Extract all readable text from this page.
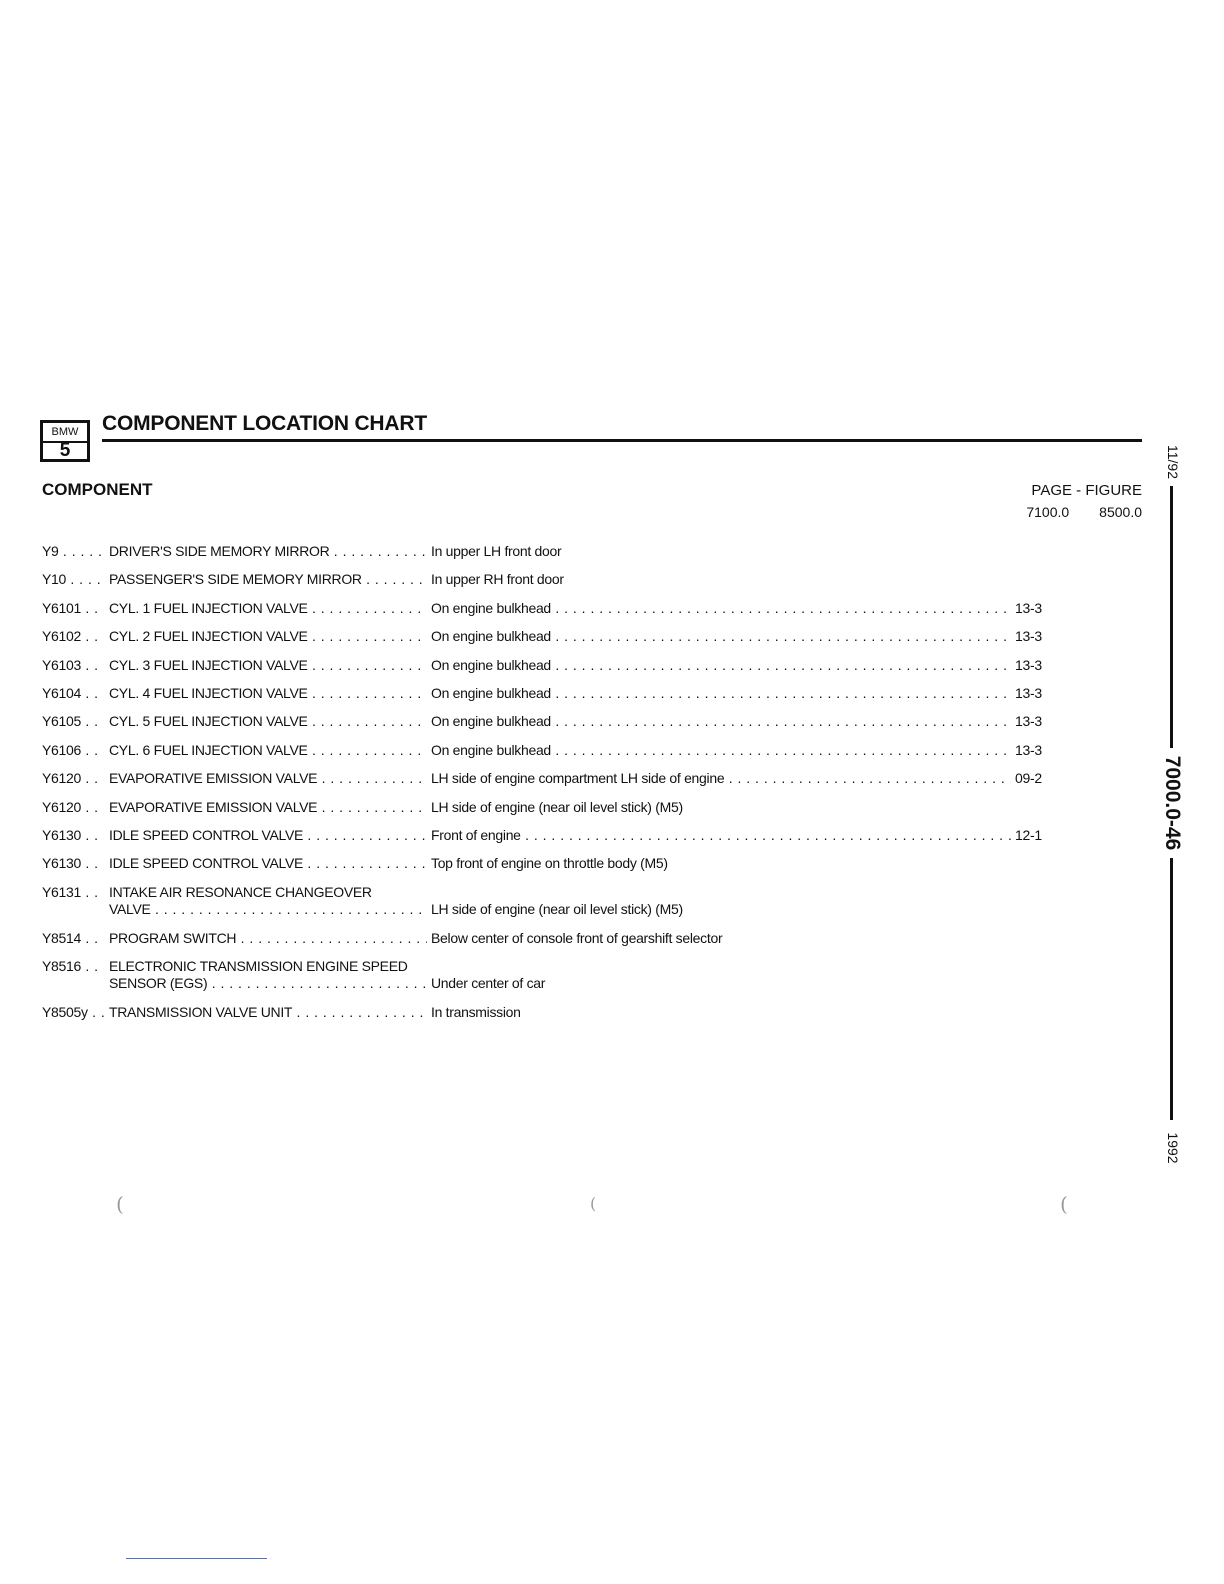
BMW
5
COMPONENT LOCATION CHART
COMPONENT	PAGE - FIGURE
7100.0 8500.0
Y9 . . .	DRIVER'S SIDE MEMORY MIRROR . . .	In upper LH front door
Y10 . . .	PASSENGER'S SIDE MEMORY MIRROR . . .	In upper RH front door
Y6101 . . .	CYL. 1 FUEL INJECTION VALVE . . .	On engine bulkhead . . .	13-3
Y6102 . . .	CYL. 2 FUEL INJECTION VALVE . . .	On engine bulkhead . . .	13-3
Y6103 . . .	CYL. 3 FUEL INJECTION VALVE . . .	On engine bulkhead . . .	13-3
Y6104 . . .	CYL. 4 FUEL INJECTION VALVE . . .	On engine bulkhead . . .	13-3
Y6105 . . .	CYL. 5 FUEL INJECTION VALVE . . .	On engine bulkhead . . .	13-3
Y6106 . . .	CYL. 6 FUEL INJECTION VALVE . . .	On engine bulkhead . . .	13-3
Y6120 . . .	EVAPORATIVE EMISSION VALVE . . .	LH side of engine compartment LH side of engine . . .	09-2
Y6120 . . .	EVAPORATIVE EMISSION VALVE . . .	LH side of engine (near oil level stick) (M5)
Y6130 . . .	IDLE SPEED CONTROL VALVE . . .	Front of engine . . .	12-1
Y6130 . . .	IDLE SPEED CONTROL VALVE . . .	Top front of engine on throttle body (M5)
Y6131 . . .	INTAKE AIR RESONANCE CHANGEOVER
VALVE . . .	LH side of engine (near oil level stick) (M5)
Y8514 . . .	PROGRAM SWITCH . . .	Below center of console front of gearshift selector
Y8516 . . .	ELECTRONIC TRANSMISSION ENGINE SPEED
SENSOR (EGS) . . .	Under center of car
Y8505y . . .	TRANSMISSION VALVE UNIT . . .	In transmission
11/92
7000.0-46
1992
(	(	(
